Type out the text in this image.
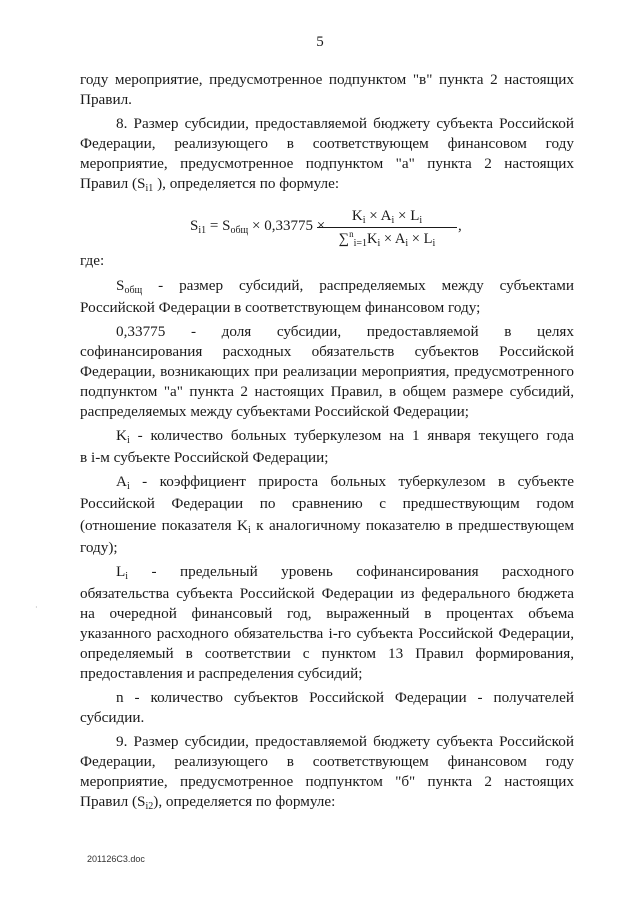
5
году мероприятие, предусмотренное подпунктом "в" пункта 2 настоящих
Правил.
8. Размер субсидии, предоставляемой бюджету субъекта Российской
Федерации, реализующего в соответствующем финансовом году
мероприятие, предусмотренное подпунктом "а" пункта 2 настоящих
Правил ($S_{i1}$ ), определяется по формуле:
$S_{i1} = S_{общ} \times 0,33775$ ×
$K_i \times A_i \times L_i$
$\sum^n_{i=1}K_i \times A_i \times L_i$
,
где:
$S_{общ}$ - размер субсидий, распределяемых между субъектами
Российской Федерации в соответствующем финансовом году;
0,33775 - доля субсидии, предоставляемой в целях
софинансирования расходных обязательств субъектов Российской
Федерации, возникающих при реализации мероприятия, предусмотренного
подпунктом "а" пункта 2 настоящих Правил, в общем размере субсидий,
распределяемых между субъектами Российской Федерации;
$K_i$ - количество больных туберкулезом на 1 января текущего года
в i-м субъекте Российской Федерации;
$A_i$ - коэффициент прироста больных туберкулезом в субъекте
Российской Федерации по сравнению с предшествующим годом
(отношение показателя $K_i$ к аналогичному показателю в предшествующем
году);
$L_i$ - предельный уровень софинансирования расходного
обязательства субъекта Российской Федерации из федерального бюджета
на очередной финансовый год, выраженный в процентах объема
указанного расходного обязательства i-го субъекта Российской Федерации,
определяемый в соответствии с пунктом 13 Правил формирования,
предоставления и распределения субсидий;
n - количество субъектов Российской Федерации - получателей
субсидии.
9. Размер субсидии, предоставляемой бюджету субъекта Российской
Федерации, реализующего в соответствующем финансовом году
мероприятие, предусмотренное подпунктом "б" пункта 2 настоящих
Правил $(S_{i2})$, определяется по формуле:
·
201126C3.doc
